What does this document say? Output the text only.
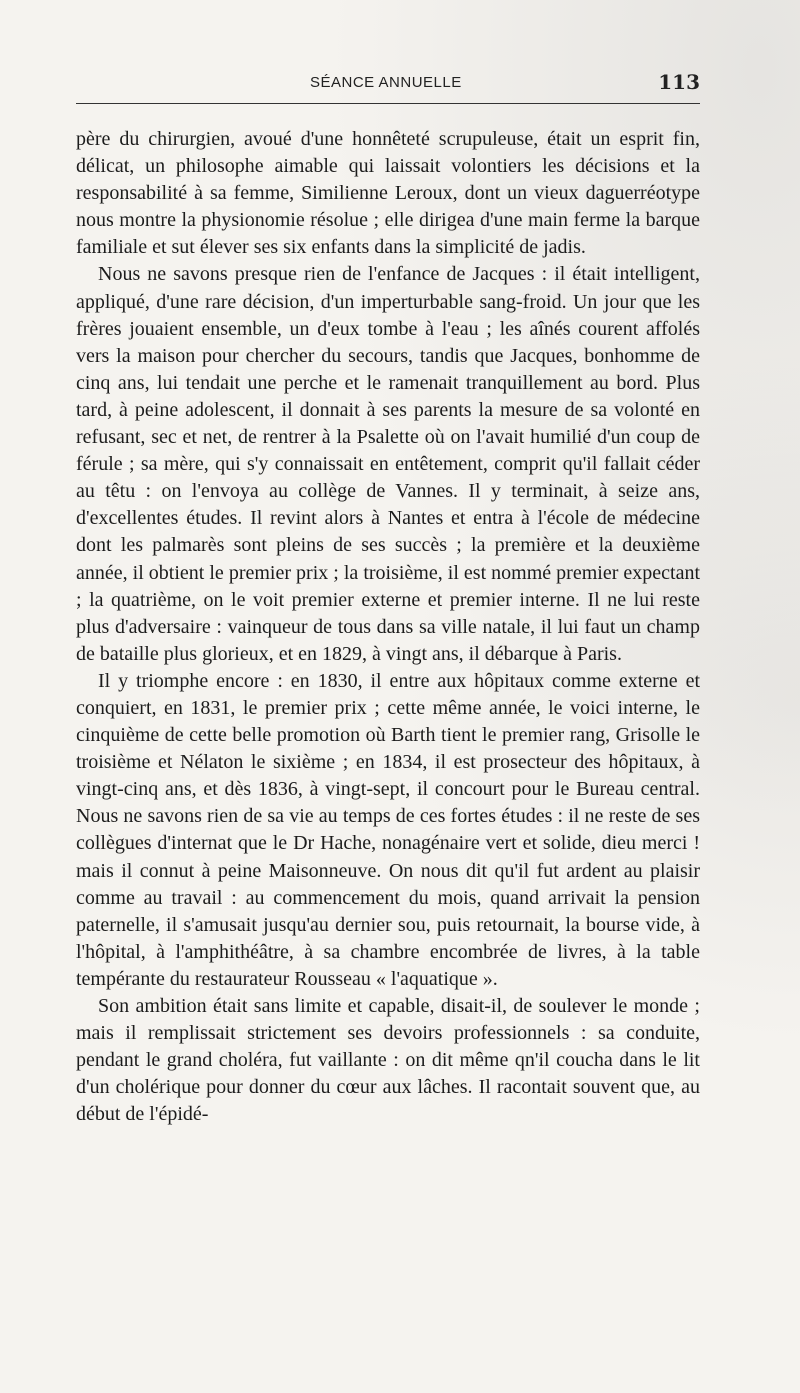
SÉANCE ANNUELLE	113

père du chirurgien, avoué d'une honnêteté scrupuleuse, était un esprit fin, délicat, un philosophe aimable qui laissait volontiers les décisions et la responsabilité à sa femme, Similienne Leroux, dont un vieux daguerréotype nous montre la physionomie résolue ; elle dirigea d'une main ferme la barque familiale et sut élever ses six enfants dans la simplicité de jadis.

Nous ne savons presque rien de l'enfance de Jacques : il était intelligent, appliqué, d'une rare décision, d'un imperturbable sang-froid. Un jour que les frères jouaient ensemble, un d'eux tombe à l'eau ; les aînés courent affolés vers la maison pour chercher du secours, tandis que Jacques, bonhomme de cinq ans, lui tendait une perche et le ramenait tranquillement au bord. Plus tard, à peine adolescent, il donnait à ses parents la mesure de sa volonté en refusant, sec et net, de rentrer à la Psalette où on l'avait humilié d'un coup de férule ; sa mère, qui s'y connaissait en entêtement, comprit qu'il fallait céder au têtu : on l'envoya au collège de Vannes. Il y terminait, à seize ans, d'excellentes études. Il revint alors à Nantes et entra à l'école de médecine dont les palmarès sont pleins de ses succès ; la première et la deuxième année, il obtient le premier prix ; la troisième, il est nommé premier expectant ; la quatrième, on le voit premier externe et premier interne. Il ne lui reste plus d'adversaire : vainqueur de tous dans sa ville natale, il lui faut un champ de bataille plus glorieux, et en 1829, à vingt ans, il débarque à Paris.

Il y triomphe encore : en 1830, il entre aux hôpitaux comme externe et conquiert, en 1831, le premier prix ; cette même année, le voici interne, le cinquième de cette belle promotion où Barth tient le premier rang, Grisolle le troisième et Nélaton le sixième ; en 1834, il est prosecteur des hôpitaux, à vingt-cinq ans, et dès 1836, à vingt-sept, il concourt pour le Bureau central. Nous ne savons rien de sa vie au temps de ces fortes études : il ne reste de ses collègues d'internat que le Dr Hache, nonagénaire vert et solide, dieu merci ! mais il connut à peine Maisonneuve. On nous dit qu'il fut ardent au plaisir comme au travail : au commencement du mois, quand arrivait la pension paternelle, il s'amusait jusqu'au dernier sou, puis retournait, la bourse vide, à l'hôpital, à l'amphithéâtre, à sa chambre encombrée de livres, à la table tempérante du restaurateur Rousseau « l'aquatique ».

Son ambition était sans limite et capable, disait-il, de soulever le monde ; mais il remplissait strictement ses devoirs professionnels : sa conduite, pendant le grand choléra, fut vaillante : on dit même qn'il coucha dans le lit d'un cholérique pour donner du cœur aux lâches. Il racontait souvent que, au début de l'épidé-
